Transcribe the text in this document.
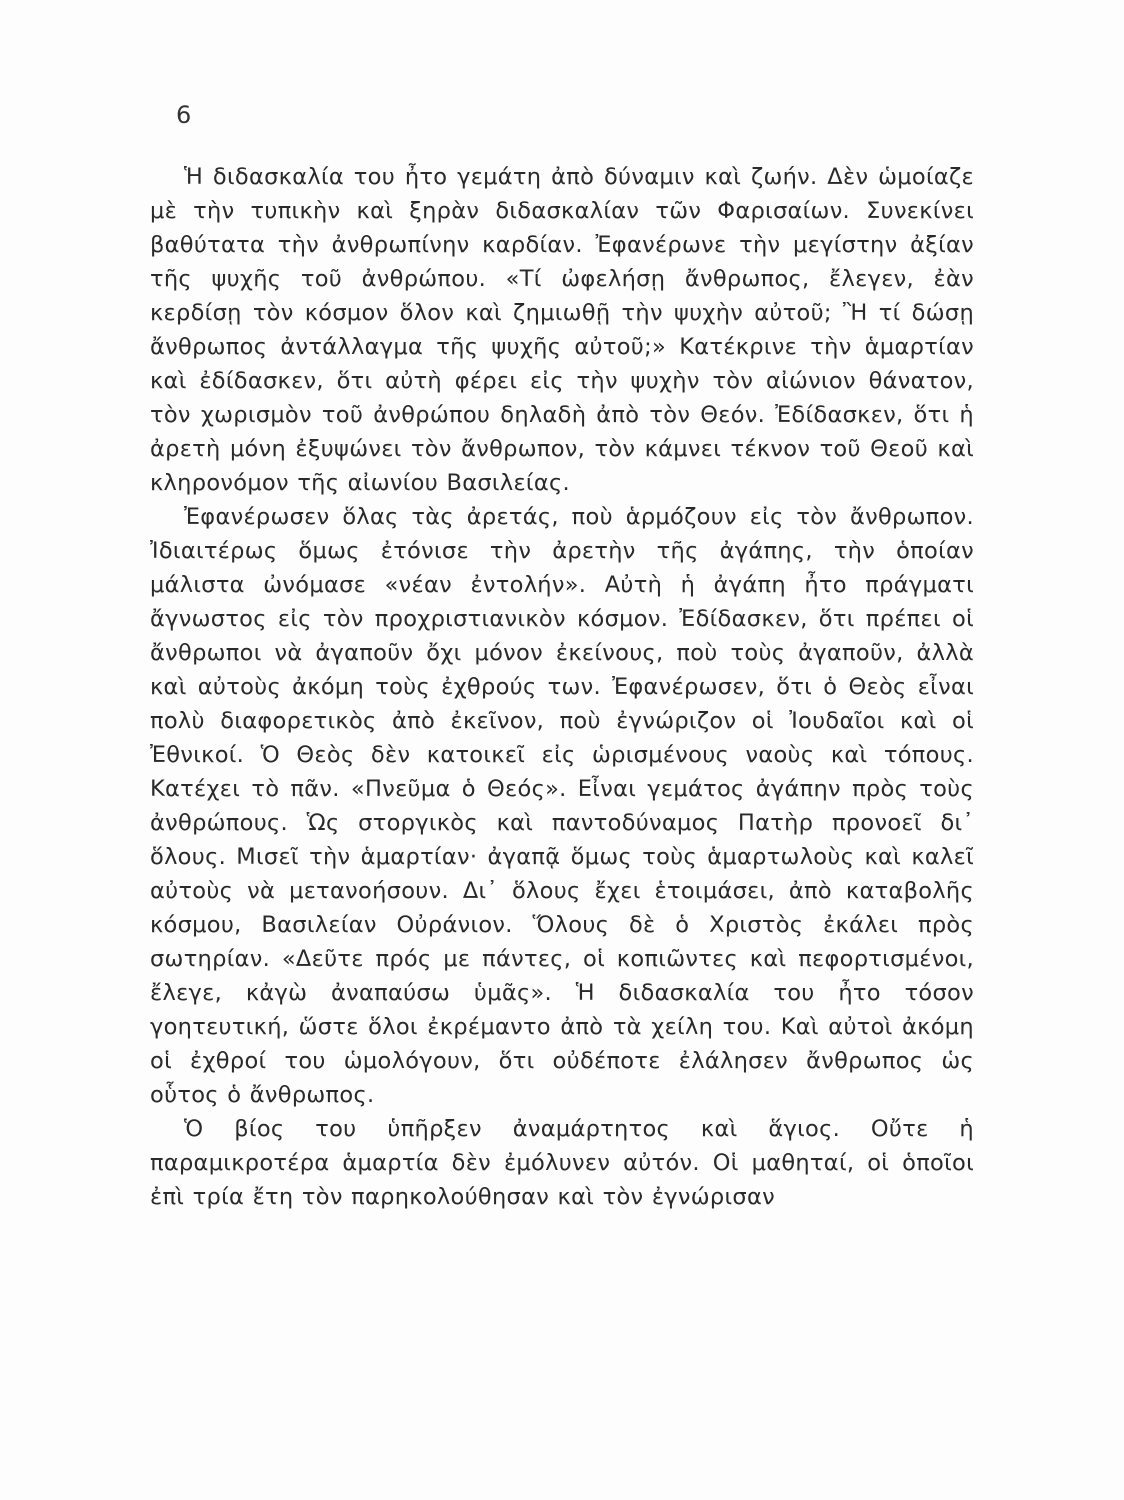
6

Ἡ διδασκαλία του ἦτο γεμάτη ἀπὸ δύναμιν καὶ ζωήν. Δὲν ὡμοίαζε μὲ τὴν τυπικὴν καὶ ξηρὰν διδασκαλίαν τῶν Φαρισαίων. Συνεκίνει βαθύτατα τὴν ἀνθρωπίνην καρδίαν. Ἐφανέρωνε τὴν μεγίστην ἀξίαν τῆς ψυχῆς τοῦ ἀνθρώπου. «Τί ὠφελήσῃ ἄνθρωπος, ἔλεγεν, ἐὰν κερδίσῃ τὸν κόσμον ὅλον καὶ ζημιωθῇ τὴν ψυχὴν αὐτοῦ; Ἢ τί δώσῃ ἄνθρωπος ἀντάλλαγμα τῆς ψυχῆς αὐτοῦ;» Κατέκρινε τὴν ἁμαρτίαν καὶ ἐδίδασκεν, ὅτι αὐτὴ φέρει εἰς τὴν ψυχὴν τὸν αἰώνιον θάνατον, τὸν χωρισμὸν τοῦ ἀνθρώπου δηλαδὴ ἀπὸ τὸν Θεόν. Ἐδίδασκεν, ὅτι ἡ ἀρετὴ μόνη ἐξυψώνει τὸν ἄνθρωπον, τὸν κάμνει τέκνον τοῦ Θεοῦ καὶ κληρονόμον τῆς αἰωνίου Βασιλείας.

Ἐφανέρωσεν ὅλας τὰς ἀρετάς, ποὺ ἁρμόζουν εἰς τὸν ἄνθρωπον. Ἰδιαιτέρως ὅμως ἐτόνισε τὴν ἀρετὴν τῆς ἀγάπης, τὴν ὁποίαν μάλιστα ὠνόμασε «νέαν ἐντολήν». Αὐτὴ ἡ ἀγάπη ἦτο πράγματι ἄγνωστος εἰς τὸν προχριστιανικὸν κόσμον. Ἐδίδασκεν, ὅτι πρέπει οἱ ἄνθρωποι νὰ ἀγαποῦν ὄχι μόνον ἐκείνους, ποὺ τοὺς ἀγαποῦν, ἀλλὰ καὶ αὐτοὺς ἀκόμη τοὺς ἐχθρούς των. Ἐφανέρωσεν, ὅτι ὁ Θεὸς εἶναι πολὺ διαφορετικὸς ἀπὸ ἐκεῖνον, ποὺ ἐγνώριζον οἱ Ἰουδαῖοι καὶ οἱ Ἐθνικοί. Ὁ Θεὸς δὲν κατοικεῖ εἰς ὡρισμένους ναοὺς καὶ τόπους. Κατέχει τὸ πᾶν. «Πνεῦμα ὁ Θεός». Εἶναι γεμάτος ἀγάπην πρὸς τοὺς ἀνθρώπους. Ὡς στοργικὸς καὶ παντοδύναμος Πατὴρ προνοεῖ δι᾽ ὅλους. Μισεῖ τὴν ἁμαρτίαν· ἀγαπᾷ ὅμως τοὺς ἁμαρτωλοὺς καὶ καλεῖ αὐτοὺς νὰ μετανοήσουν. Δι᾽ ὅλους ἔχει ἑτοιμάσει, ἀπὸ καταβολῆς κόσμου, Βασιλείαν Οὐράνιον. Ὅλους δὲ ὁ Χριστὸς ἐκάλει πρὸς σωτηρίαν. «Δεῦτε πρός με πάντες, οἱ κοπιῶντες καὶ πεφορτισμένοι, ἔλεγε, κἀγὼ ἀναπαύσω ὑμᾶς». Ἡ διδασκαλία του ἦτο τόσον γοητευτική, ὥστε ὅλοι ἐκρέμαντο ἀπὸ τὰ χείλη του. Καὶ αὐτοὶ ἀκόμη οἱ ἐχθροί του ὡμολόγουν, ὅτι οὐδέποτε ἐλάλησεν ἄνθρωπος ὡς οὗτος ὁ ἄνθρωπος.

Ὁ βίος του ὑπῆρξεν ἀναμάρτητος καὶ ἅγιος. Οὔτε ἡ παραμικροτέρα ἁμαρτία δὲν ἐμόλυνεν αὐτόν. Οἱ μαθηταί, οἱ ὁποῖοι ἐπὶ τρία ἔτη τὸν παρηκολούθησαν καὶ τὸν ἐγνώρισαν
